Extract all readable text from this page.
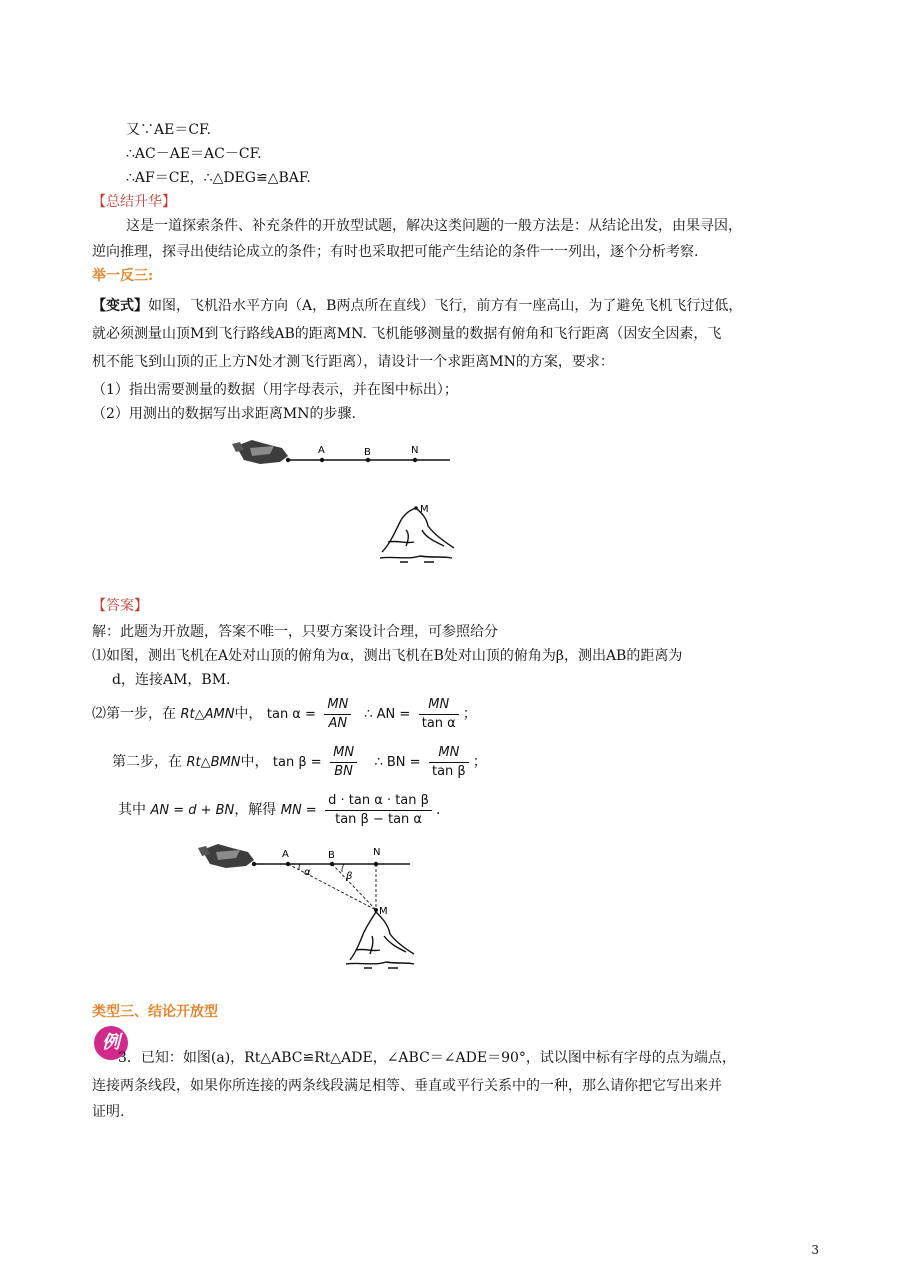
又∵AE＝CF.
∴AC－AE＝AC－CF.
∴AF＝CE，∴△DEG≌△BAF.
【总结升华】
这是一道探索条件、补充条件的开放型试题，解决这类问题的一般方法是：从结论出发，由果寻因，
逆向推理，探寻出使结论成立的条件；有时也采取把可能产生结论的条件一一列出，逐个分析考察.
举一反三:
【变式】如图，飞机沿水平方向（A，B两点所在直线）飞行，前方有一座高山，为了避免飞机飞行过低，
就必须测量山顶M到飞行路线AB的距离MN. 飞机能够测量的数据有俯角和飞行距离（因安全因素，飞
机不能飞到山顶的正上方N处才测飞行距离），请设计一个求距离MN的方案，要求：
（1）指出需要测量的数据（用字母表示，并在图中标出）；
（2）用测出的数据写出求距离MN的步骤.
A	B	N
M
【答案】
解：此题为开放题，答案不唯一，只要方案设计合理，可参照给分
⑴如图，测出飞机在A处对山顶的俯角为α，测出飞机在B处对山顶的俯角为β，测出AB的距离为
d，连接AM，BM.
⑵第一步，在 Rt△AMN中， $\tan \alpha = \frac{MN}{AN}$ ∴ AN = $\frac{MN}{\text{tan α}}$ ；
第二步，在 Rt△BMN中， $\tan \beta = \frac{MN}{BN}$ ∴ BN = $\frac{MN}{\text{tan β}}$ ；
其中 AN = d + BN，解得 MN = $\frac{\text{d · tan α · tan β}}{\text{tan β − tan α}}$ .
A	B	N
α	β
M
类型三、结论开放型
例
3．已知：如图(a)，Rt△ABC≌Rt△ADE，∠ABC＝∠ADE＝90°，试以图中标有字母的点为端点，
连接两条线段，如果你所连接的两条线段满足相等、垂直或平行关系中的一种，那么请你把它写出来并
证明.
3
